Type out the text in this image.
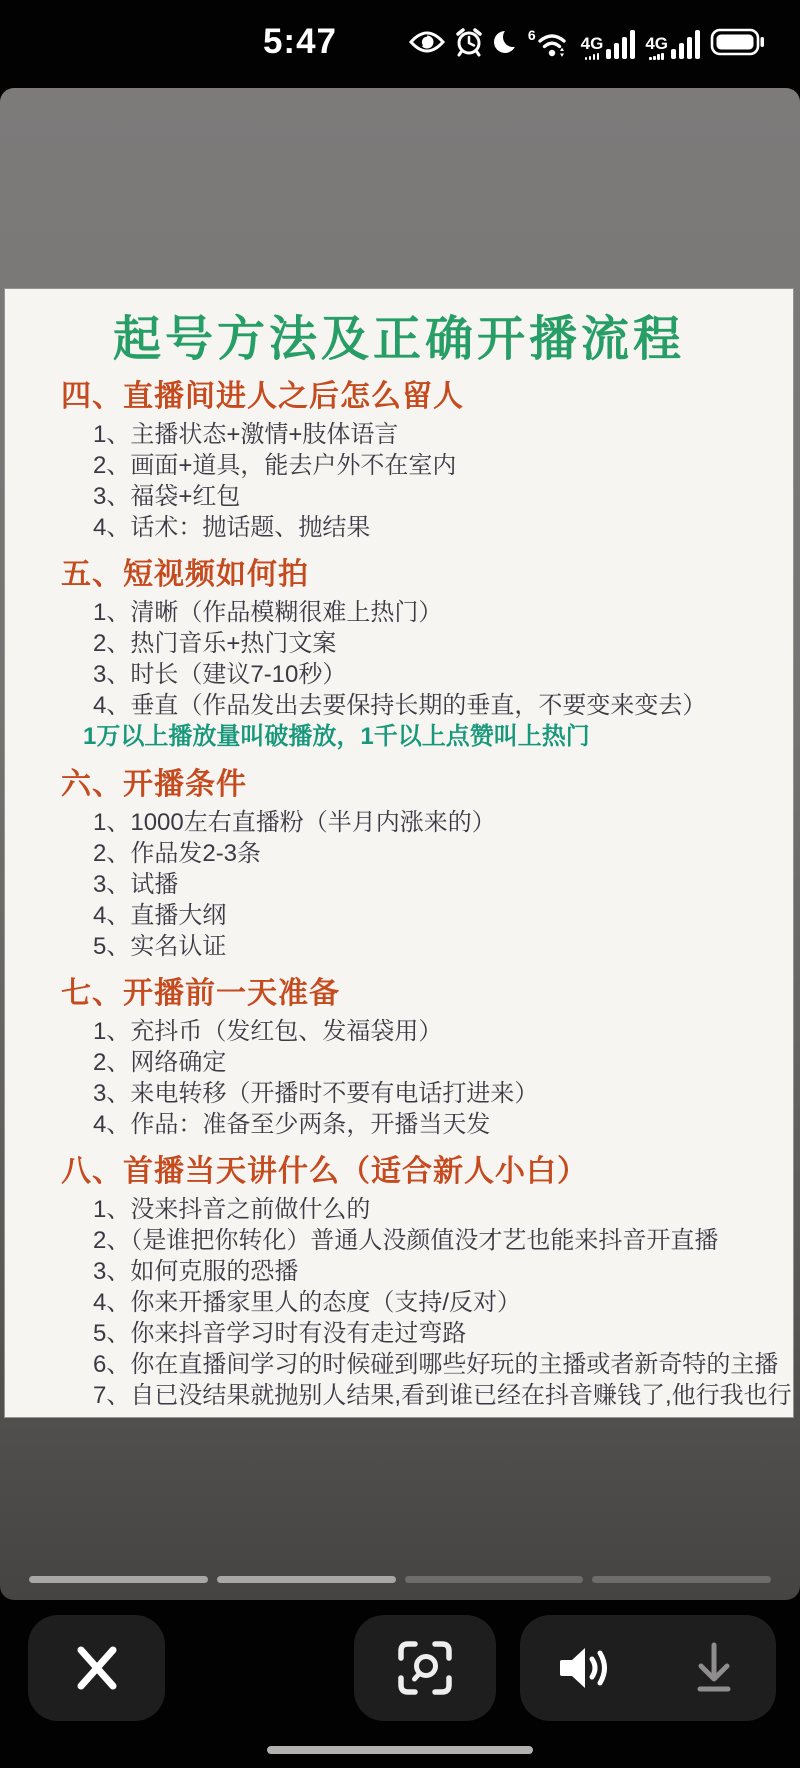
5:47	6	4G 4G
起号方法及正确开播流程
四、直播间进人之后怎么留人
1、主播状态+激情+肢体语言
2、画面+道具，能去户外不在室内
3、福袋+红包
4、话术：抛话题、抛结果
五、短视频如何拍
1、清晰（作品模糊很难上热门）
2、热门音乐+热门文案
3、时长（建议7-10秒）
4、垂直（作品发出去要保持长期的垂直，不要变来变去）
1万以上播放量叫破播放，1千以上点赞叫上热门
六、开播条件
1、1000左右直播粉（半月内涨来的）
2、作品发2-3条
3、试播
4、直播大纲
5、实名认证
七、开播前一天准备
1、充抖币（发红包、发福袋用）
2、网络确定
3、来电转移（开播时不要有电话打进来）
4、作品：准备至少两条，开播当天发
八、首播当天讲什么（适合新人小白）
1、没来抖音之前做什么的
2、（是谁把你转化）普通人没颜值没才艺也能来抖音开直播
3、如何克服的恐播
4、你来开播家里人的态度（支持/反对）
5、你来抖音学习时有没有走过弯路
6、你在直播间学习的时候碰到哪些好玩的主播或者新奇特的主播
7、自已没结果就抛别人结果,看到谁已经在抖音赚钱了,他行我也行
